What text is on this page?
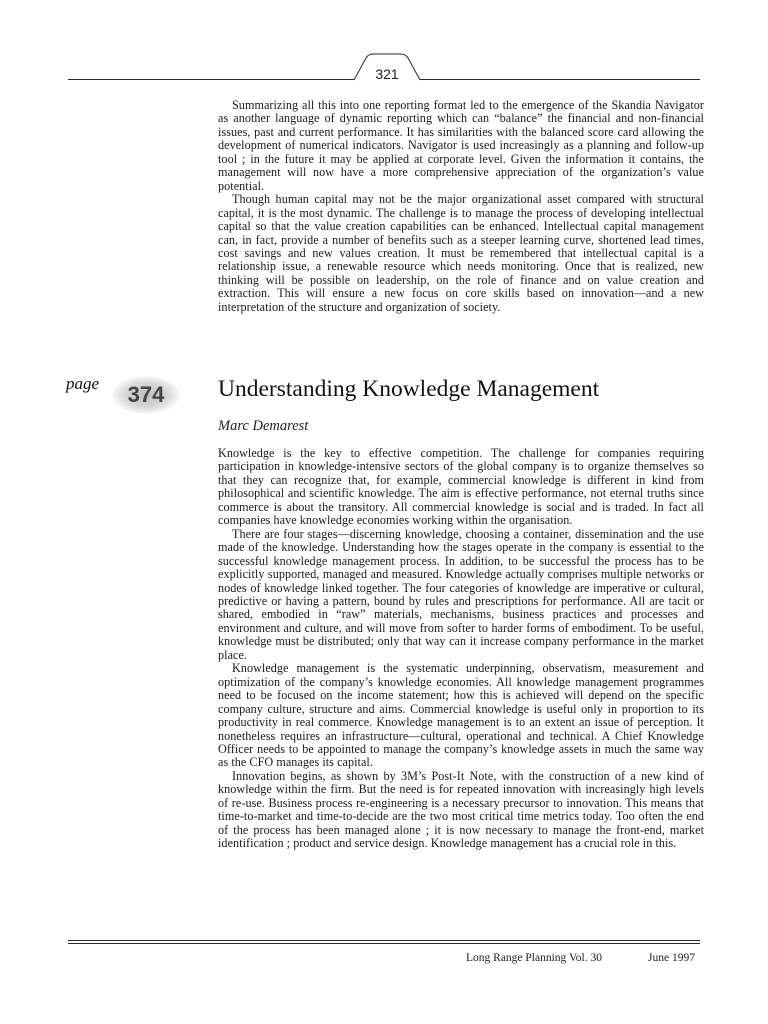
321

Summarizing all this into one reporting format led to the emergence of the Skandia Navigator as another language of dynamic reporting which can “balance” the financial and non-financial issues, past and current performance. It has similarities with the balanced score card allowing the development of numerical indicators. Navigator is used increasingly as a planning and follow-up tool ; in the future it may be applied at corporate level. Given the information it contains, the management will now have a more comprehensive appreciation of the organization’s value potential.

Though human capital may not be the major organizational asset compared with structural capital, it is the most dynamic. The challenge is to manage the process of developing intellectual capital so that the value creation capabilities can be enhanced. Intellectual capital management can, in fact, provide a number of benefits such as a steeper learning curve, shortened lead times, cost savings and new values creation. It must be remembered that intellectual capital is a relationship issue, a renewable resource which needs monitoring. Once that is realized, new thinking will be possible on leadership, on the role of finance and on value creation and extraction. This will ensure a new focus on core skills based on innovation—and a new interpretation of the structure and organization of society.

page	374	Understanding Knowledge Management
Marc Demarest

Knowledge is the key to effective competition. The challenge for companies requiring participation in knowledge-intensive sectors of the global company is to organize themselves so that they can recognize that, for example, commercial knowledge is different in kind from philosophical and scientific knowledge. The aim is effective performance, not eternal truths since commerce is about the transitory. All commercial knowledge is social and is traded. In fact all companies have knowledge economies working within the organisation.

There are four stages—discerning knowledge, choosing a container, dissemination and the use made of the knowledge. Understanding how the stages operate in the company is essential to the successful knowledge management process. In addition, to be successful the process has to be explicitly supported, managed and measured. Knowledge actually comprises multiple networks or nodes of knowledge linked together. The four categories of knowledge are imperative or cultural, predictive or having a pattern, bound by rules and prescriptions for performance. All are tacit or shared, embodied in “raw” materials, mechanisms, business practices and processes and environment and culture, and will move from softer to harder forms of embodiment. To be useful, knowledge must be distributed; only that way can it increase company performance in the market place.

Knowledge management is the systematic underpinning, observatism, measurement and optimization of the company’s knowledge economies. All knowledge management programmes need to be focused on the income statement; how this is achieved will depend on the specific company culture, structure and aims. Commercial knowledge is useful only in proportion to its productivity in real commerce. Knowledge management is to an extent an issue of perception. It nonetheless requires an infrastructure—cultural, operational and technical. A Chief Knowledge Officer needs to be appointed to manage the company’s knowledge assets in much the same way as the CFO manages its capital.

Innovation begins, as shown by 3M’s Post-It Note, with the construction of a new kind of knowledge within the firm. But the need is for repeated innovation with increasingly high levels of re-use. Business process re-engineering is a necessary precursor to innovation. This means that time-to-market and time-to-decide are the two most critical time metrics today. Too often the end of the process has been managed alone ; it is now necessary to manage the front-end, market identification ; product and service design. Knowledge management has a crucial role in this.

Long Range Planning Vol. 30	June 1997
